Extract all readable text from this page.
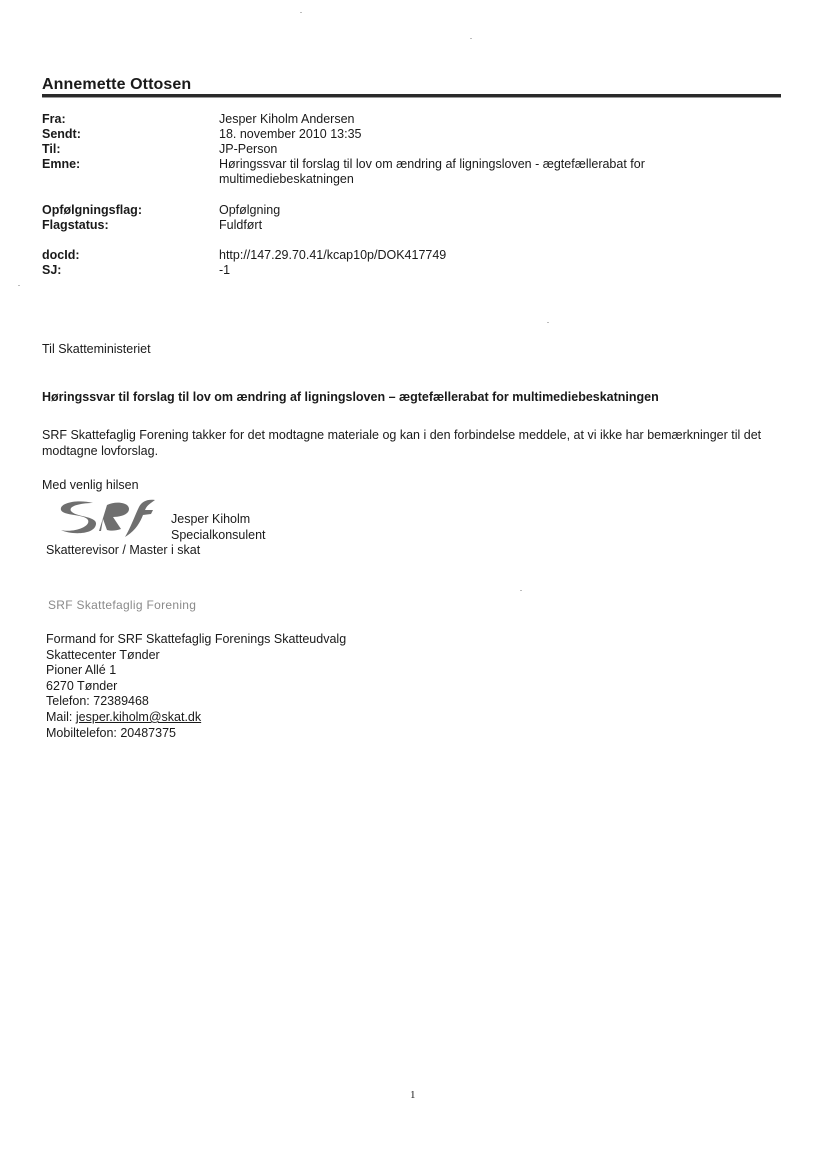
Annemette Ottosen
Fra:	Jesper Kiholm Andersen
Sendt:	18. november 2010 13:35
Til:	JP-Person
Emne:	Høringssvar til forslag til lov om ændring af ligningsloven - ægtefællerabat for multimediebeskatningen
Opfølgningsflag:	Opfølgning
Flagstatus:	Fuldført
docId:	http://147.29.70.41/kcap10p/DOK417749
SJ:	-1
Til Skatteministeriet
Høringssvar til forslag til lov om ændring af ligningsloven – ægtefællerabat for multimediebeskatningen
SRF Skattefaglig Forening takker for det modtagne materiale og kan i den forbindelse meddele, at vi ikke har bemærkninger til det modtagne lovforslag.
Med venlig hilsen
Jesper Kiholm
Specialkonsulent
Skatterevisor / Master i skat
SRF Skattefaglig Forening
Formand for SRF Skattefaglig Forenings Skatteudvalg
Skattecenter Tønder
Pioner Allé 1
6270 Tønder
Telefon: 72389468
Mail: jesper.kiholm@skat.dk
Mobiltelefon: 20487375
1
